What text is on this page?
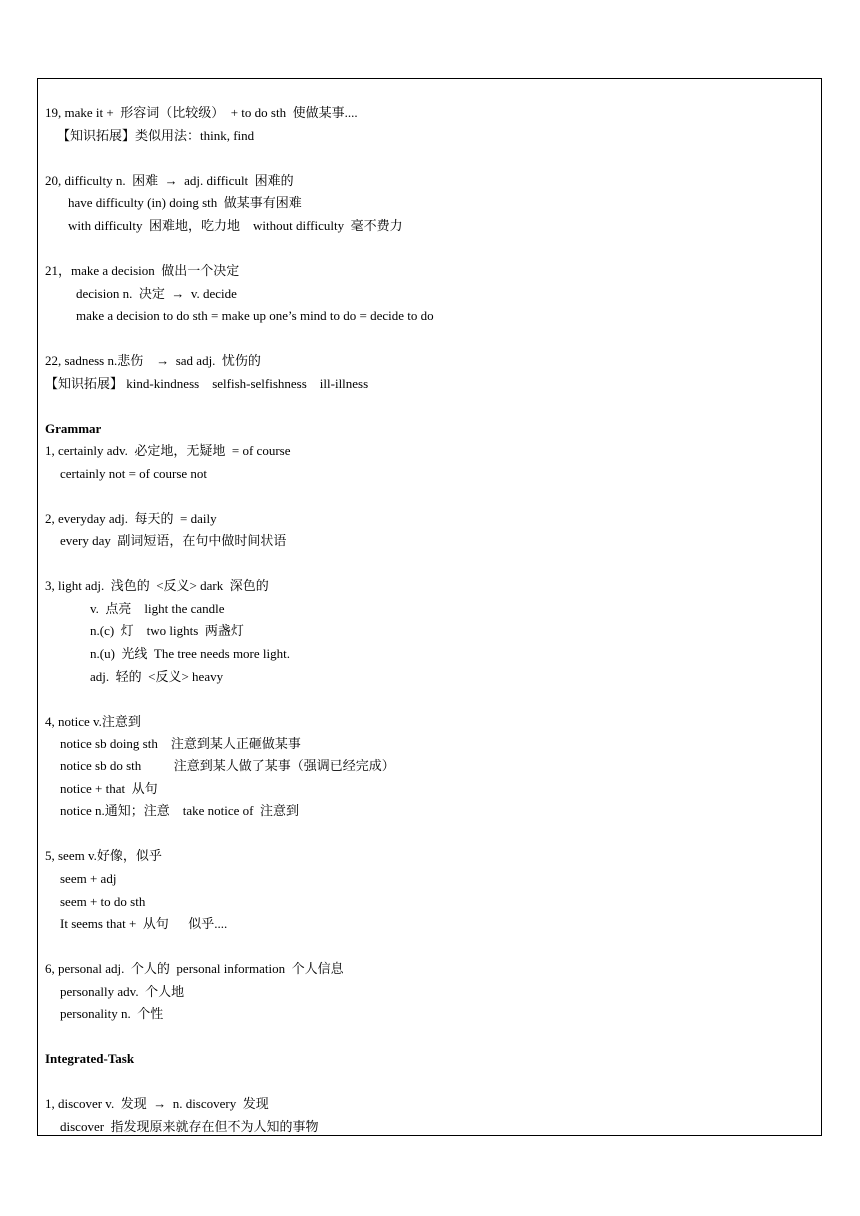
19, make it +  形容词（比较级）  + to do sth  使做某事....
【知识拓展】类似用法：think, find
20, difficulty n.  困难  →  adj. difficult  困难的
have difficulty (in) doing sth  做某事有困难
with difficulty  困难地，吃力地    without difficulty  毫不费力
21，make a decision  做出一个决定
decision n.  决定  →  v. decide
make a decision to do sth = make up one’s mind to do = decide to do
22, sadness n.悲伤    →  sad adj.  忧伤的
【知识拓展】 kind-kindness    selfish-selfishness    ill-illness
Grammar
1, certainly adv.  必定地，无疑地  = of course
certainly not = of course not
2, everyday adj.  每天的  = daily
every day  副词短语，在句中做时间状语
3, light adj.  浅色的  <反义> dark  深色的
v.  点亮    light the candle
n.(c)  灯    two lights  两盏灯
n.(u)  光线  The tree needs more light.
adj.  轻的  <反义> heavy
4, notice v.注意到
notice sb doing sth    注意到某人正砸做某事
notice sb do sth          注意到某人做了某事（强调已经完成）
notice + that  从句
notice n.通知；注意    take notice of  注意到
5, seem v.好像，似乎
seem + adj
seem + to do sth
It seems that +  从句      似乎....
6, personal adj.  个人的  personal information  个人信息
personally adv.  个人地
personality n.  个性
Integrated-Task
1, discover v.  发现  →  n. discovery  发现
discover  指发现原来就存在但不为人知的事物
